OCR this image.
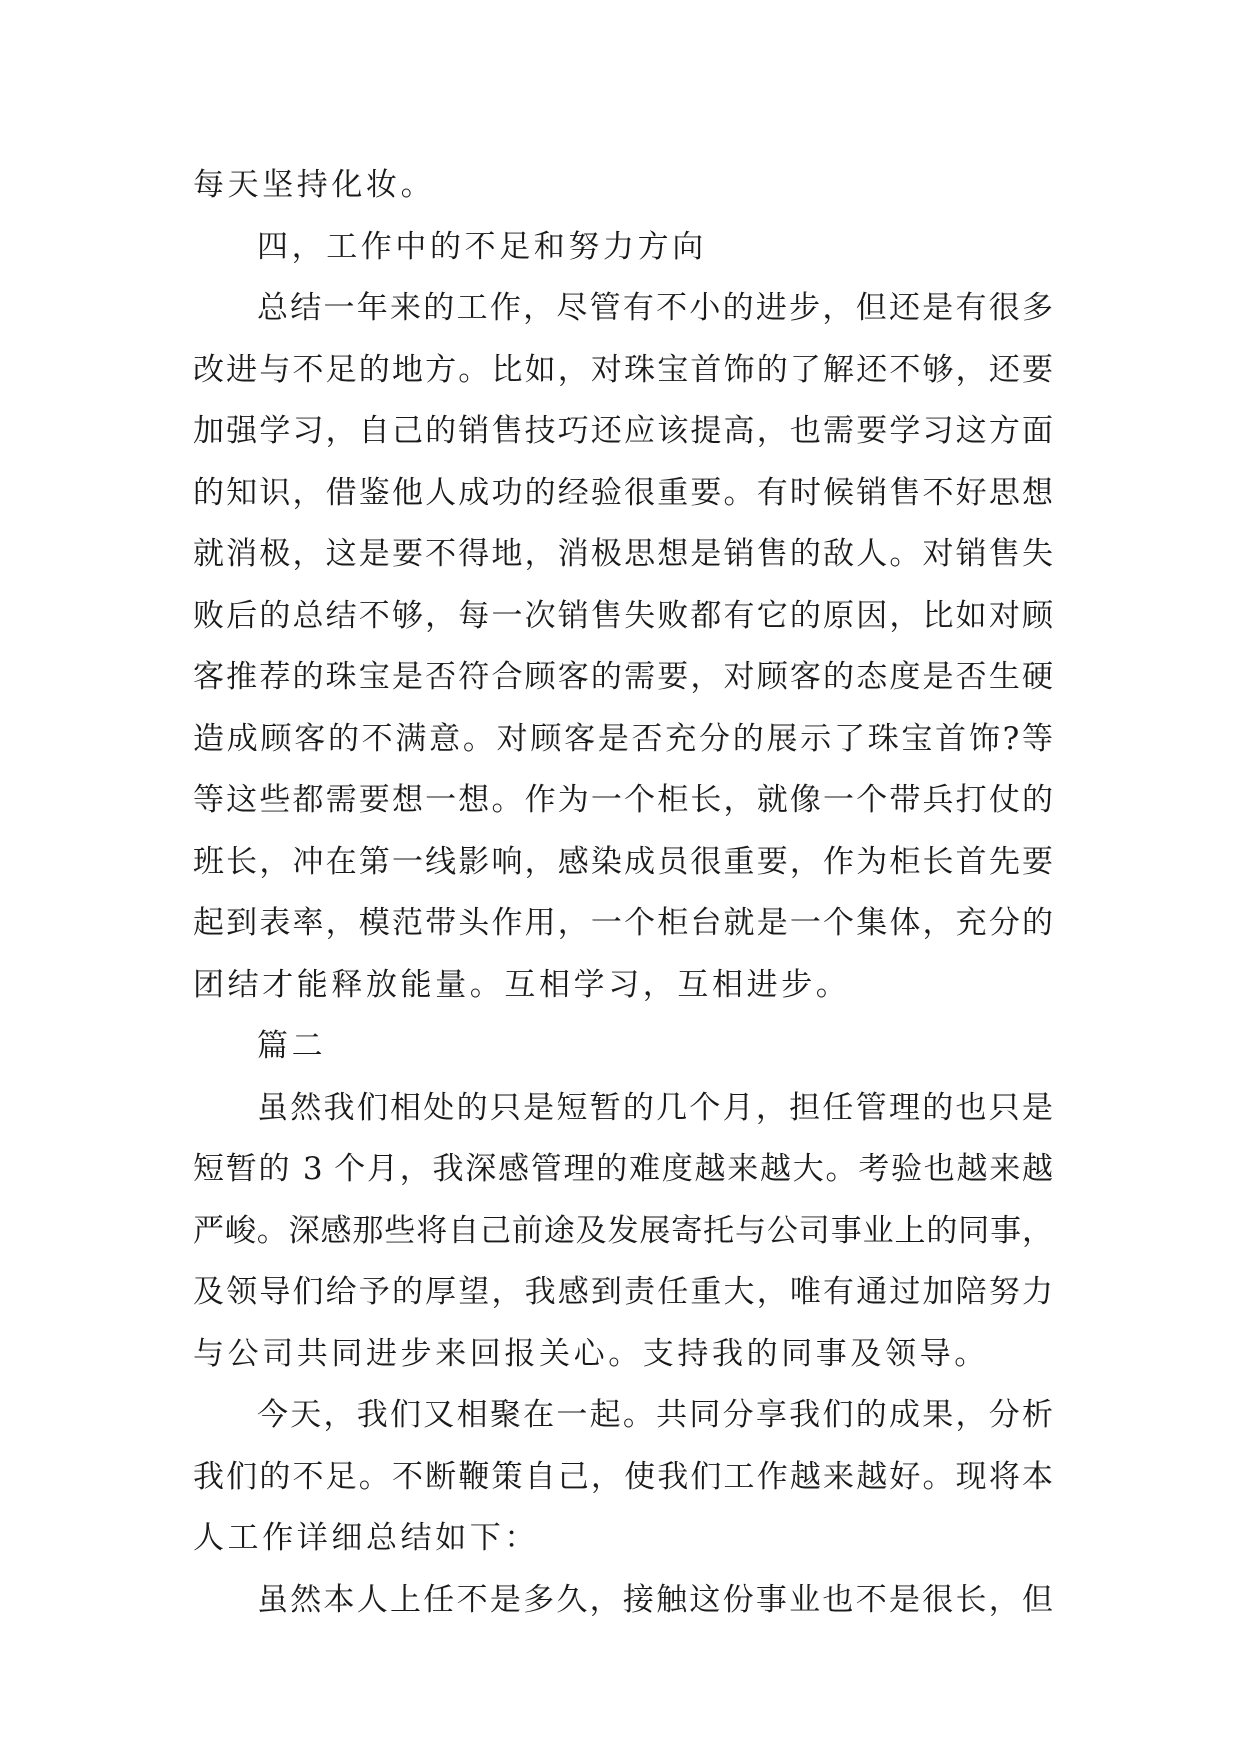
每天坚持化妆。
四，工作中的不足和努力方向
总结一年来的工作，尽管有不小的进步，但还是有很多
改进与不足的地方。比如，对珠宝首饰的了解还不够，还要
加强学习，自己的销售技巧还应该提高，也需要学习这方面
的知识，借鉴他人成功的经验很重要。有时候销售不好思想
就消极，这是要不得地，消极思想是销售的敌人。对销售失
败后的总结不够，每一次销售失败都有它的原因，比如对顾
客推荐的珠宝是否符合顾客的需要，对顾客的态度是否生硬
造成顾客的不满意。对顾客是否充分的展示了珠宝首饰?等
等这些都需要想一想。作为一个柜长，就像一个带兵打仗的
班长，冲在第一线影响，感染成员很重要，作为柜长首先要
起到表率，模范带头作用，一个柜台就是一个集体，充分的
团结才能释放能量。互相学习，互相进步。
篇二
虽然我们相处的只是短暂的几个月，担任管理的也只是
短暂的 3 个月，我深感管理的难度越来越大。考验也越来越
严峻。深感那些将自己前途及发展寄托与公司事业上的同事，
及领导们给予的厚望，我感到责任重大，唯有通过加陪努力
与公司共同进步来回报关心。支持我的同事及领导。
今天，我们又相聚在一起。共同分享我们的成果，分析
我们的不足。不断鞭策自己，使我们工作越来越好。现将本
人工作详细总结如下：
虽然本人上任不是多久，接触这份事业也不是很长，但
